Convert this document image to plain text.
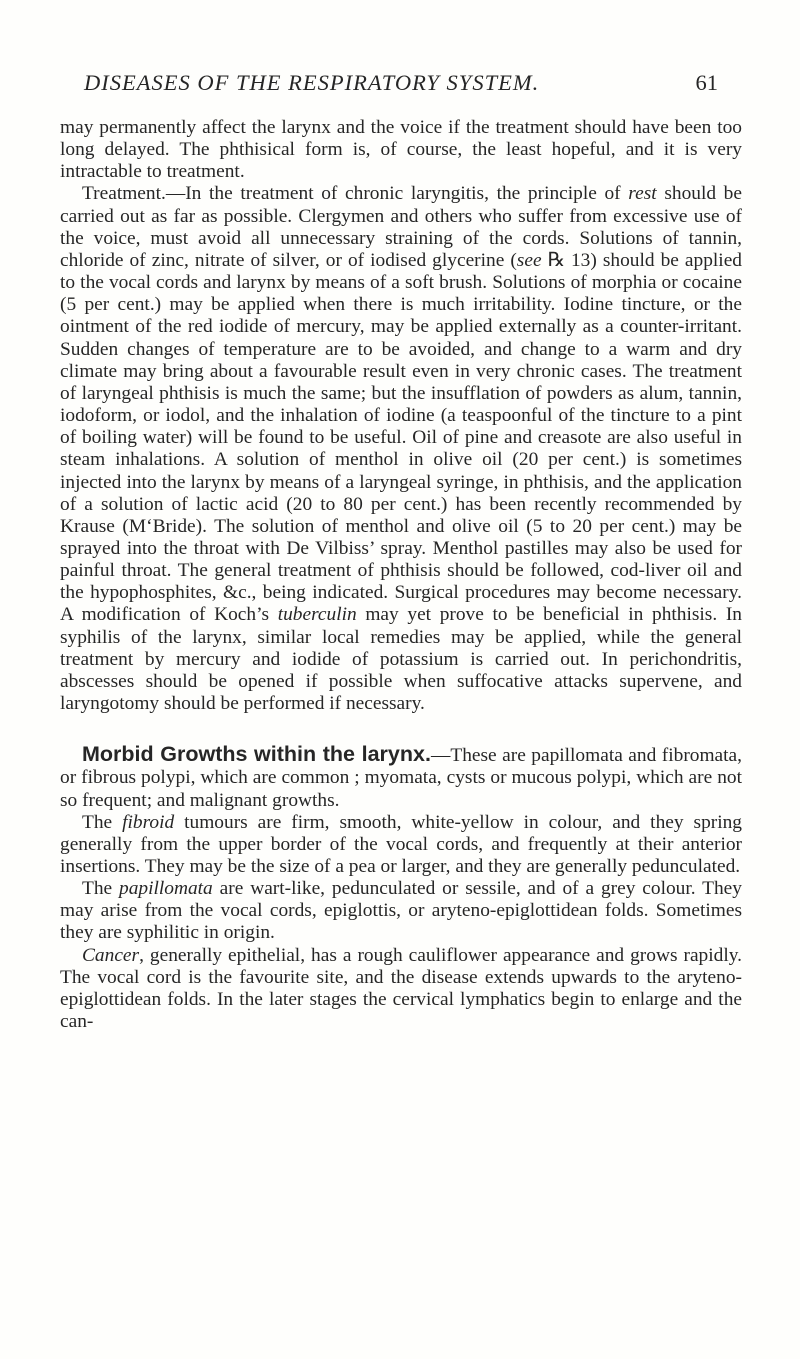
DISEASES OF THE RESPIRATORY SYSTEM.	61

may permanently affect the larynx and the voice if the treatment should have been too long delayed. The phthisical form is, of course, the least hopeful, and it is very intractable to treatment.

Treatment.—In the treatment of chronic laryngitis, the principle of rest should be carried out as far as possible. Clergymen and others who suffer from excessive use of the voice, must avoid all unnecessary straining of the cords. Solutions of tannin, chloride of zinc, nitrate of silver, or of iodised glycerine (see ℞ 13) should be applied to the vocal cords and larynx by means of a soft brush. Solutions of morphia or cocaine (5 per cent.) may be applied when there is much irritability. Iodine tincture, or the ointment of the red iodide of mercury, may be applied externally as a counter-irritant. Sudden changes of temperature are to be avoided, and change to a warm and dry climate may bring about a favourable result even in very chronic cases. The treatment of laryngeal phthisis is much the same; but the insufflation of powders as alum, tannin, iodoform, or iodol, and the inhalation of iodine (a teaspoonful of the tincture to a pint of boiling water) will be found to be useful. Oil of pine and creasote are also useful in steam inhalations. A solution of menthol in olive oil (20 per cent.) is sometimes injected into the larynx by means of a laryngeal syringe, in phthisis, and the application of a solution of lactic acid (20 to 80 per cent.) has been recently recommended by Krause (M‘Bride). The solution of menthol and olive oil (5 to 20 per cent.) may be sprayed into the throat with De Vilbiss’ spray. Menthol pastilles may also be used for painful throat. The general treatment of phthisis should be followed, cod-liver oil and the hypophosphites, &c., being indicated. Surgical procedures may become necessary. A modification of Koch’s tuberculin may yet prove to be beneficial in phthisis. In syphilis of the larynx, similar local remedies may be applied, while the general treatment by mercury and iodide of potassium is carried out. In perichondritis, abscesses should be opened if possible when suffocative attacks supervene, and laryngotomy should be performed if necessary.

Morbid Growths within the larynx.—These are papillomata and fibromata, or fibrous polypi, which are common ; myomata, cysts or mucous polypi, which are not so frequent; and malignant growths.

The fibroid tumours are firm, smooth, white-yellow in colour, and they spring generally from the upper border of the vocal cords, and frequently at their anterior insertions. They may be the size of a pea or larger, and they are generally pedunculated.

The papillomata are wart-like, pedunculated or sessile, and of a grey colour. They may arise from the vocal cords, epiglottis, or aryteno-epiglottidean folds. Sometimes they are syphilitic in origin.

Cancer, generally epithelial, has a rough cauliflower appearance and grows rapidly. The vocal cord is the favourite site, and the disease extends upwards to the aryteno-epiglottidean folds. In the later stages the cervical lymphatics begin to enlarge and the can-
